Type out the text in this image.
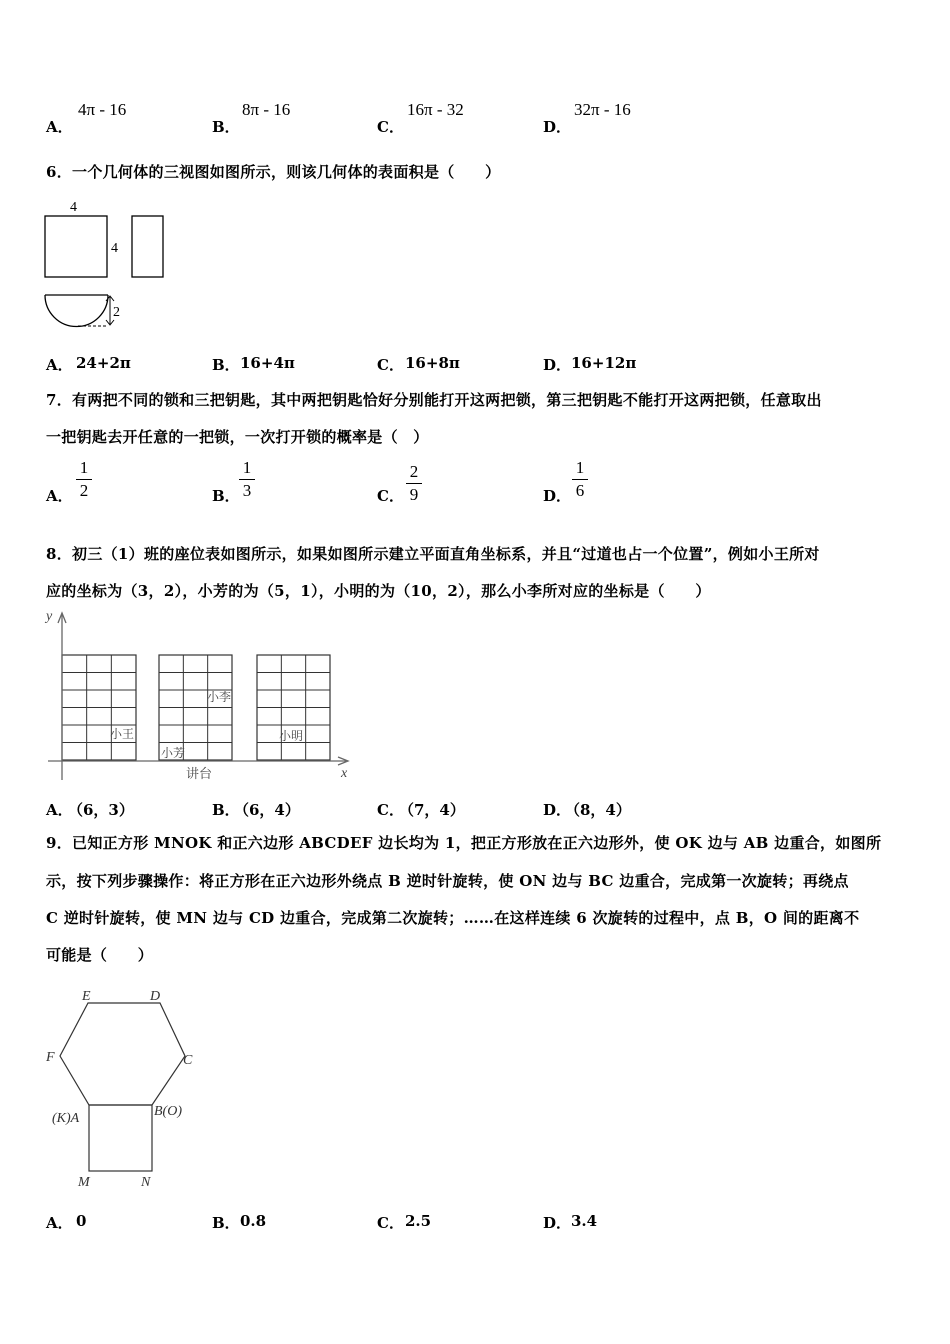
A．
4π - 16
B．
8π - 16
C．
16π - 32
D．
32π - 16
6．一个几何体的三视图如图所示，则该几何体的表面积是（　　）
4
4
2
A． 24+2π	B． 16+4π	C． 16+8π	D． 16+12π
7．有两把不同的锁和三把钥匙，其中两把钥匙恰好分别能打开这两把锁，第三把钥匙不能打开这两把锁，任意取出
一把钥匙去开任意的一把锁，一次打开锁的概率是（　）
A．
1
2	B．
1
3	C．
2
9	D．
1
6
8．初三（1）班的座位表如图所示，如果如图所示建立平面直角坐标系，并且“过道也占一个位置”，例如小王所对
应的坐标为（3，2），小芳的为（5，1），小明的为（10，2），那么小李所对应的坐标是（　　）
y
x
小王
小芳
小李
小明
讲台
A．
（6，3）	B．
（6，4）	C．
（7，4）	D．
（8，4）
9．已知正方形 MNOK 和正六边形 ABCDEF 边长均为 1，把正方形放在正六边形外，使 OK 边与 AB 边重合，如图所
示，按下列步骤操作：将正方形在正六边形外绕点 B 逆时针旋转，使 ON 边与 BC 边重合，完成第一次旋转；再绕点
C 逆时针旋转，使 MN 边与 CD 边重合，完成第二次旋转；……在这样连续 6 次旋转的过程中，点 B，O 间的距离不
可能是（　　）
E	D
F	C
(K)A	B(O)
M	N
A． 0	B． 0.8	C． 2.5	D． 3.4
